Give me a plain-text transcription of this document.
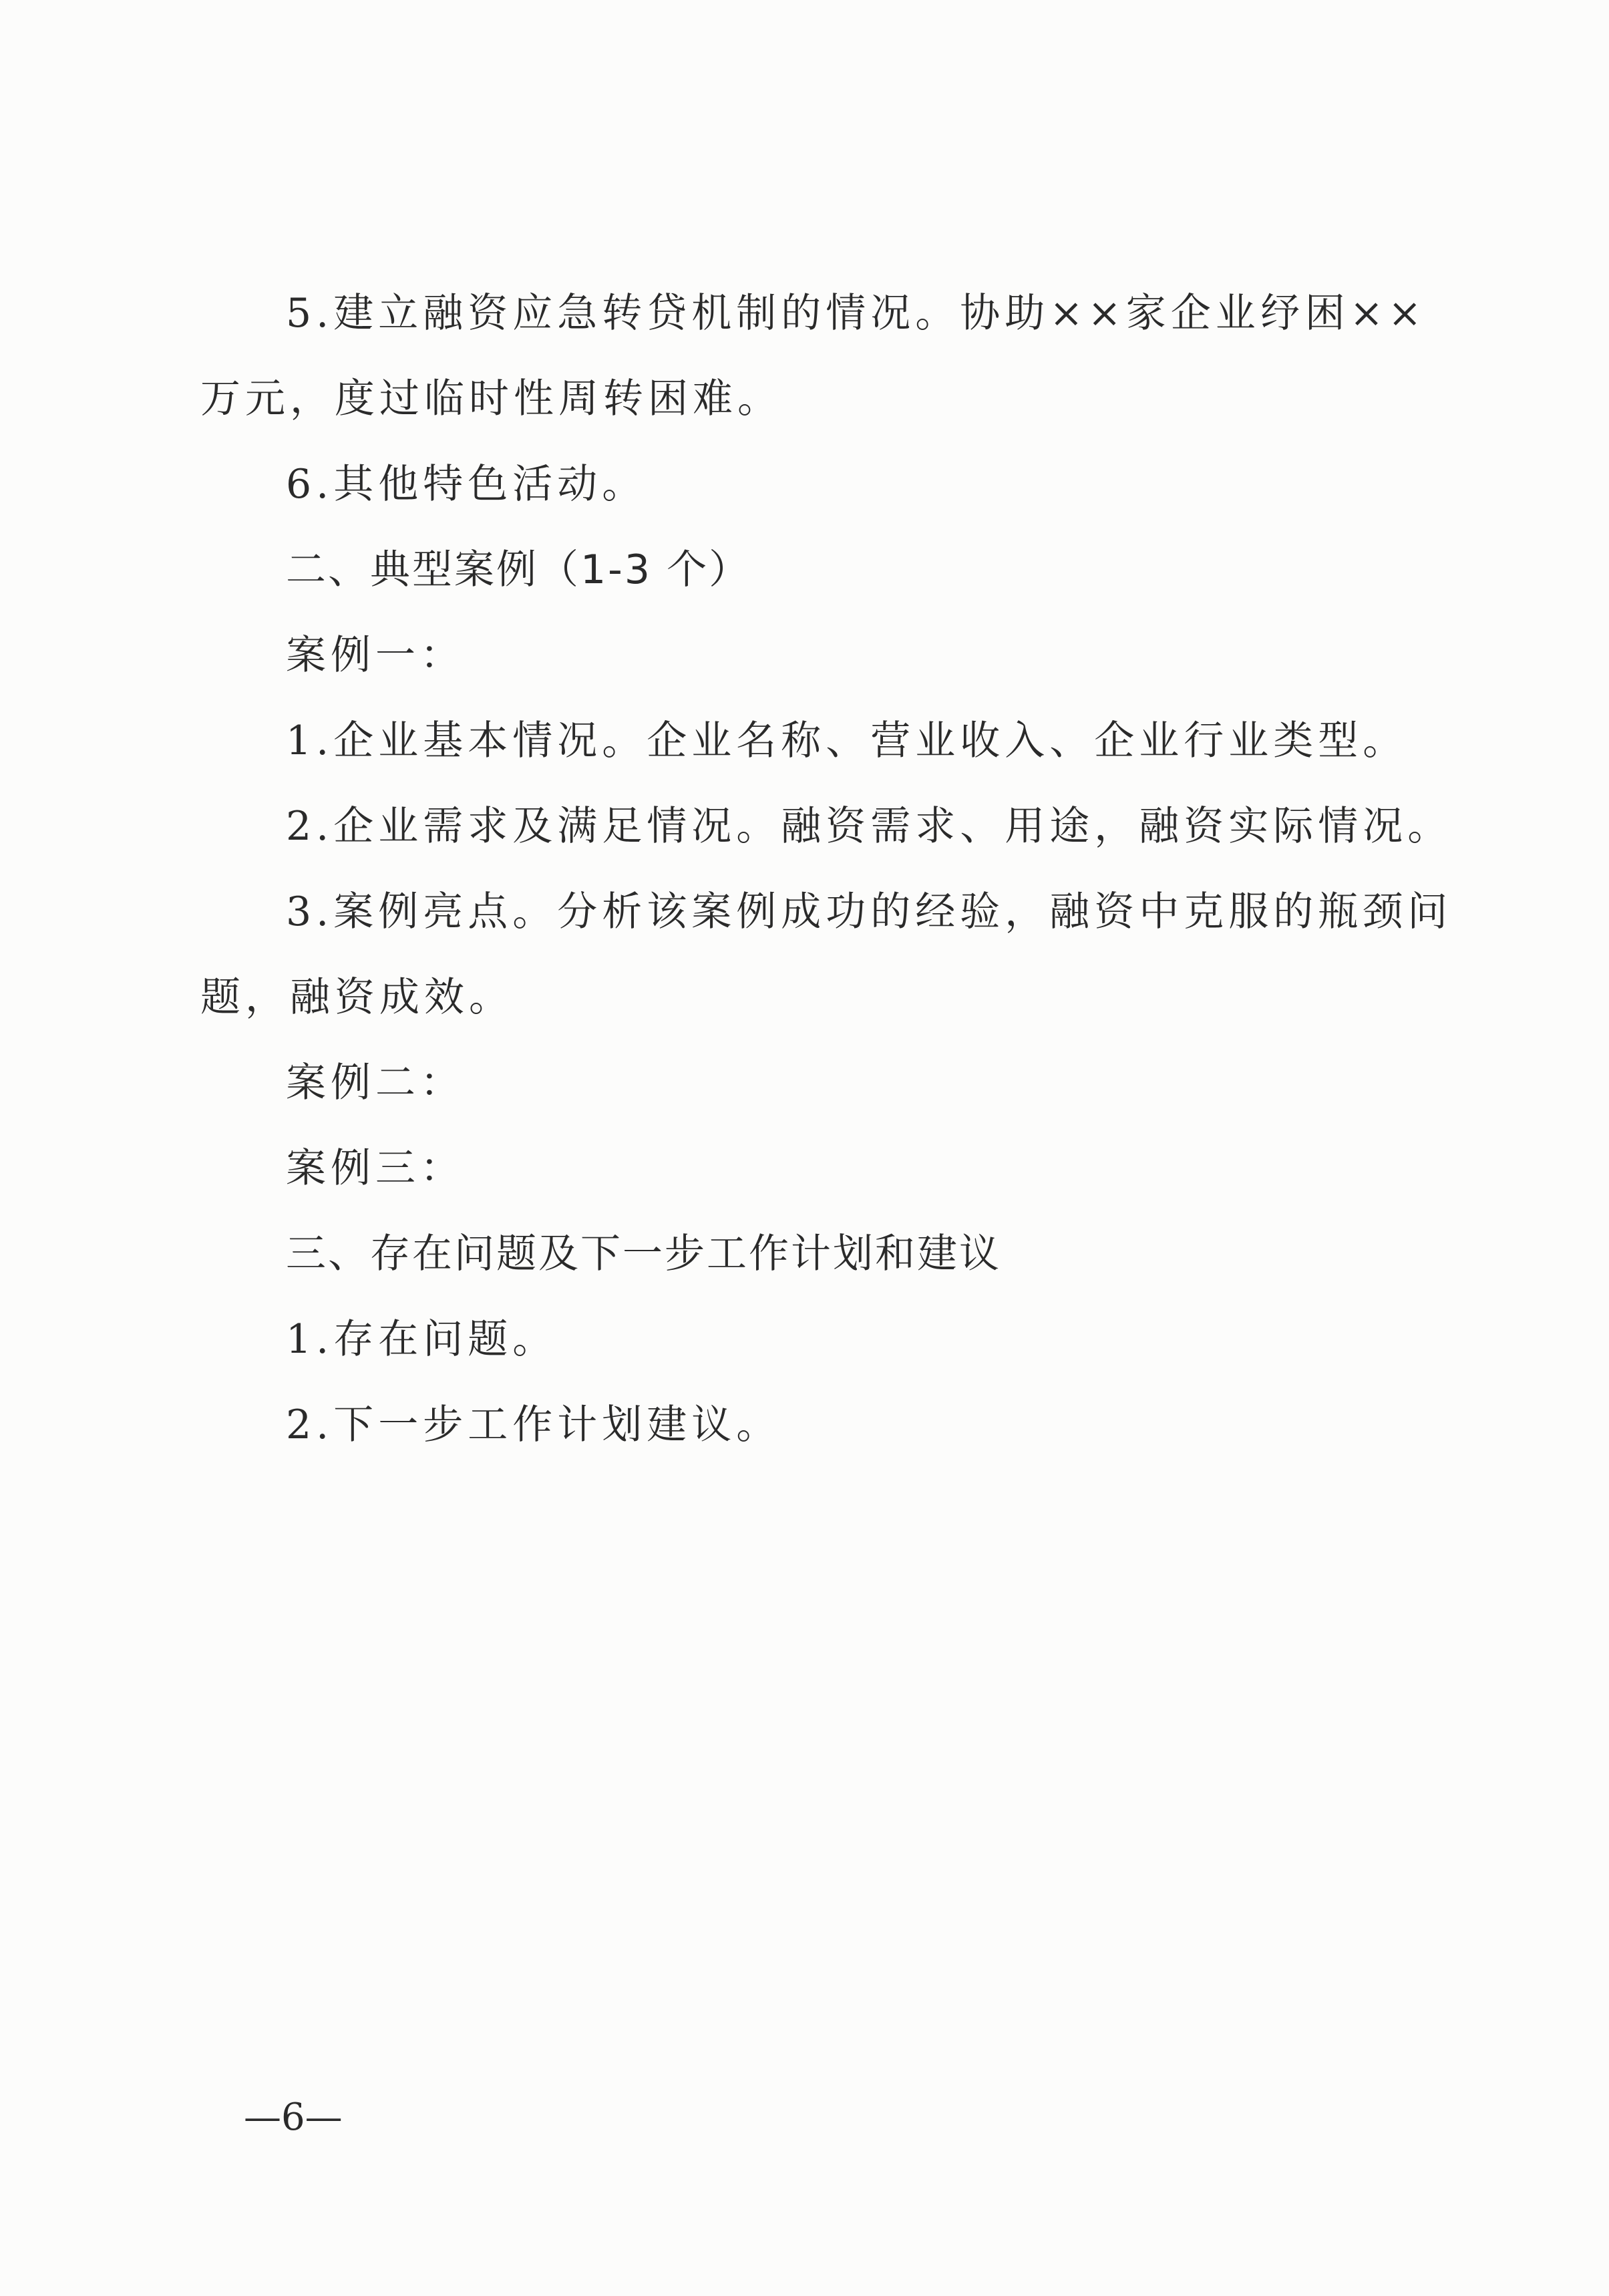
5.建立融资应急转贷机制的情况。协助××家企业纾困××
万元，度过临时性周转困难。
6.其他特色活动。
二、典型案例（1-3 个）
案例一：
1.企业基本情况。企业名称、营业收入、企业行业类型。
2.企业需求及满足情况。融资需求、用途，融资实际情况。
3.案例亮点。分析该案例成功的经验，融资中克服的瓶颈问
题，融资成效。
案例二：
案例三：
三、存在问题及下一步工作计划和建议
1.存在问题。
2.下一步工作计划建议。
—6—
